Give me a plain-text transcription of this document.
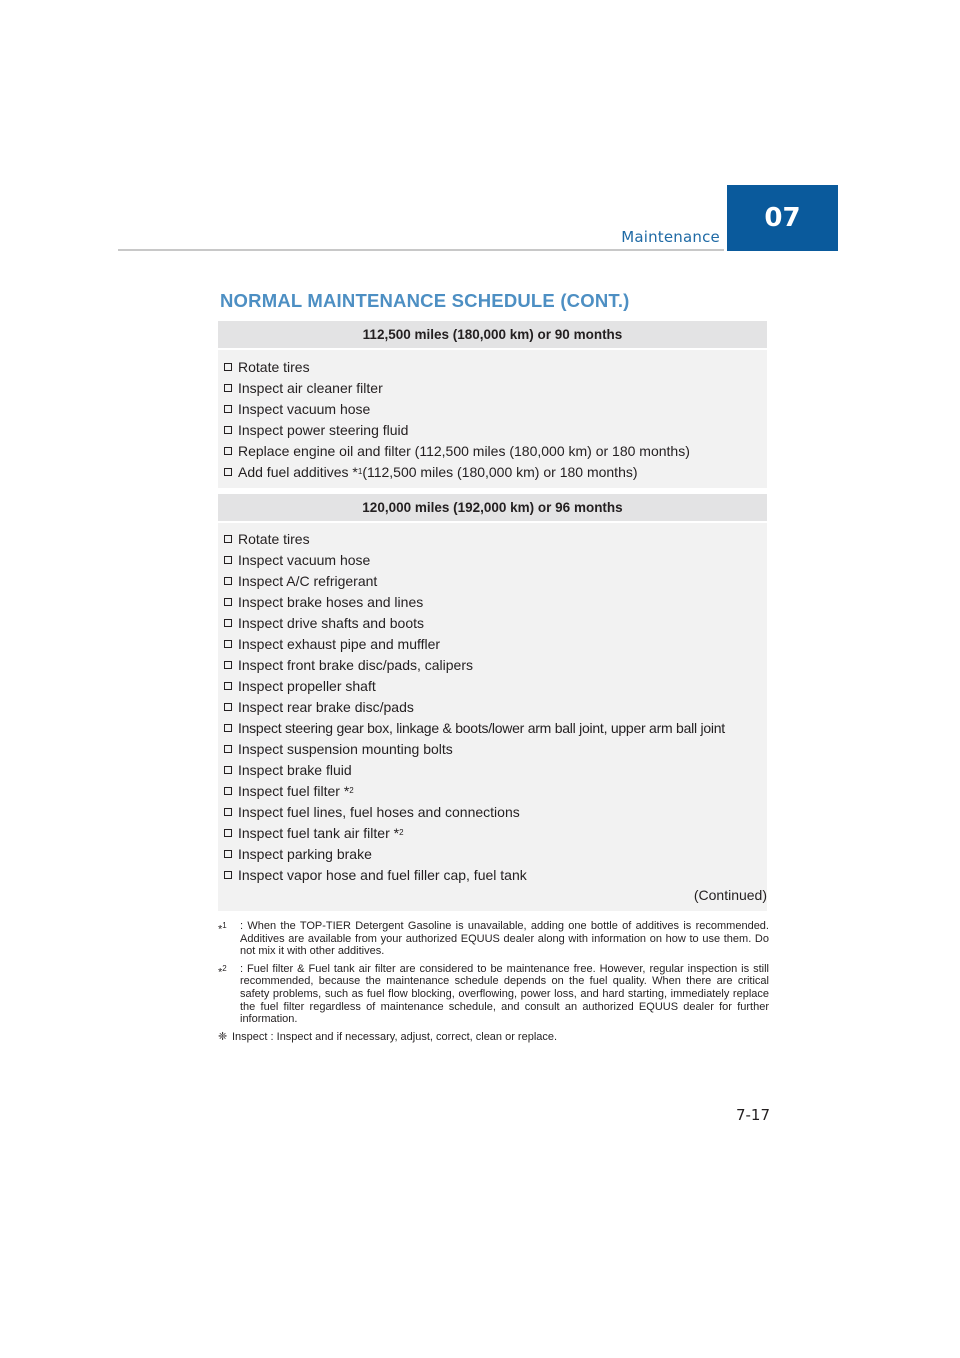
Maintenance
07
NORMAL MAINTENANCE SCHEDULE (CONT.)
112,500 miles (180,000 km) or 90 months
Rotate tires
Inspect air cleaner filter
Inspect vacuum hose
Inspect power steering fluid
Replace engine oil and filter (112,500 miles (180,000 km) or 180 months)
Add fuel additives * 1 (112,500 miles (180,000 km) or 180 months)
120,000 miles (192,000 km) or 96 months
Rotate tires
Inspect vacuum hose
Inspect A/C refrigerant
Inspect brake hoses and lines
Inspect drive shafts and boots
Inspect exhaust pipe and muffler
Inspect front brake disc/pads, calipers
Inspect propeller shaft
Inspect rear brake disc/pads
Inspect steering gear box, linkage & boots/lower arm ball joint, upper arm ball joint
Inspect suspension mounting bolts
Inspect brake fluid
Inspect fuel filter * 2
Inspect fuel lines, fuel hoses and connections
Inspect fuel tank air filter * 2
Inspect parking brake
Inspect vapor hose and fuel filler cap, fuel tank
(Continued)
*$^1$	: When the TOP-TIER Detergent Gasoline is unavailable, adding one bottle of additives is recommended. Additives are available from your authorized EQUUS dealer along with information on how to use them. Do not mix it with other additives.
*$^2$	: Fuel filter & Fuel tank air filter are considered to be maintenance free. However, regular inspection is still recommended, because the maintenance schedule depends on the fuel quality. When there are critical safety problems, such as fuel flow blocking, overflowing, power loss, and hard starting, immediately replace the fuel filter regardless of maintenance schedule, and consult an authorized EQUUS dealer for further information.
❈ Inspect : Inspect and if necessary, adjust, correct, clean or replace.
7-17
